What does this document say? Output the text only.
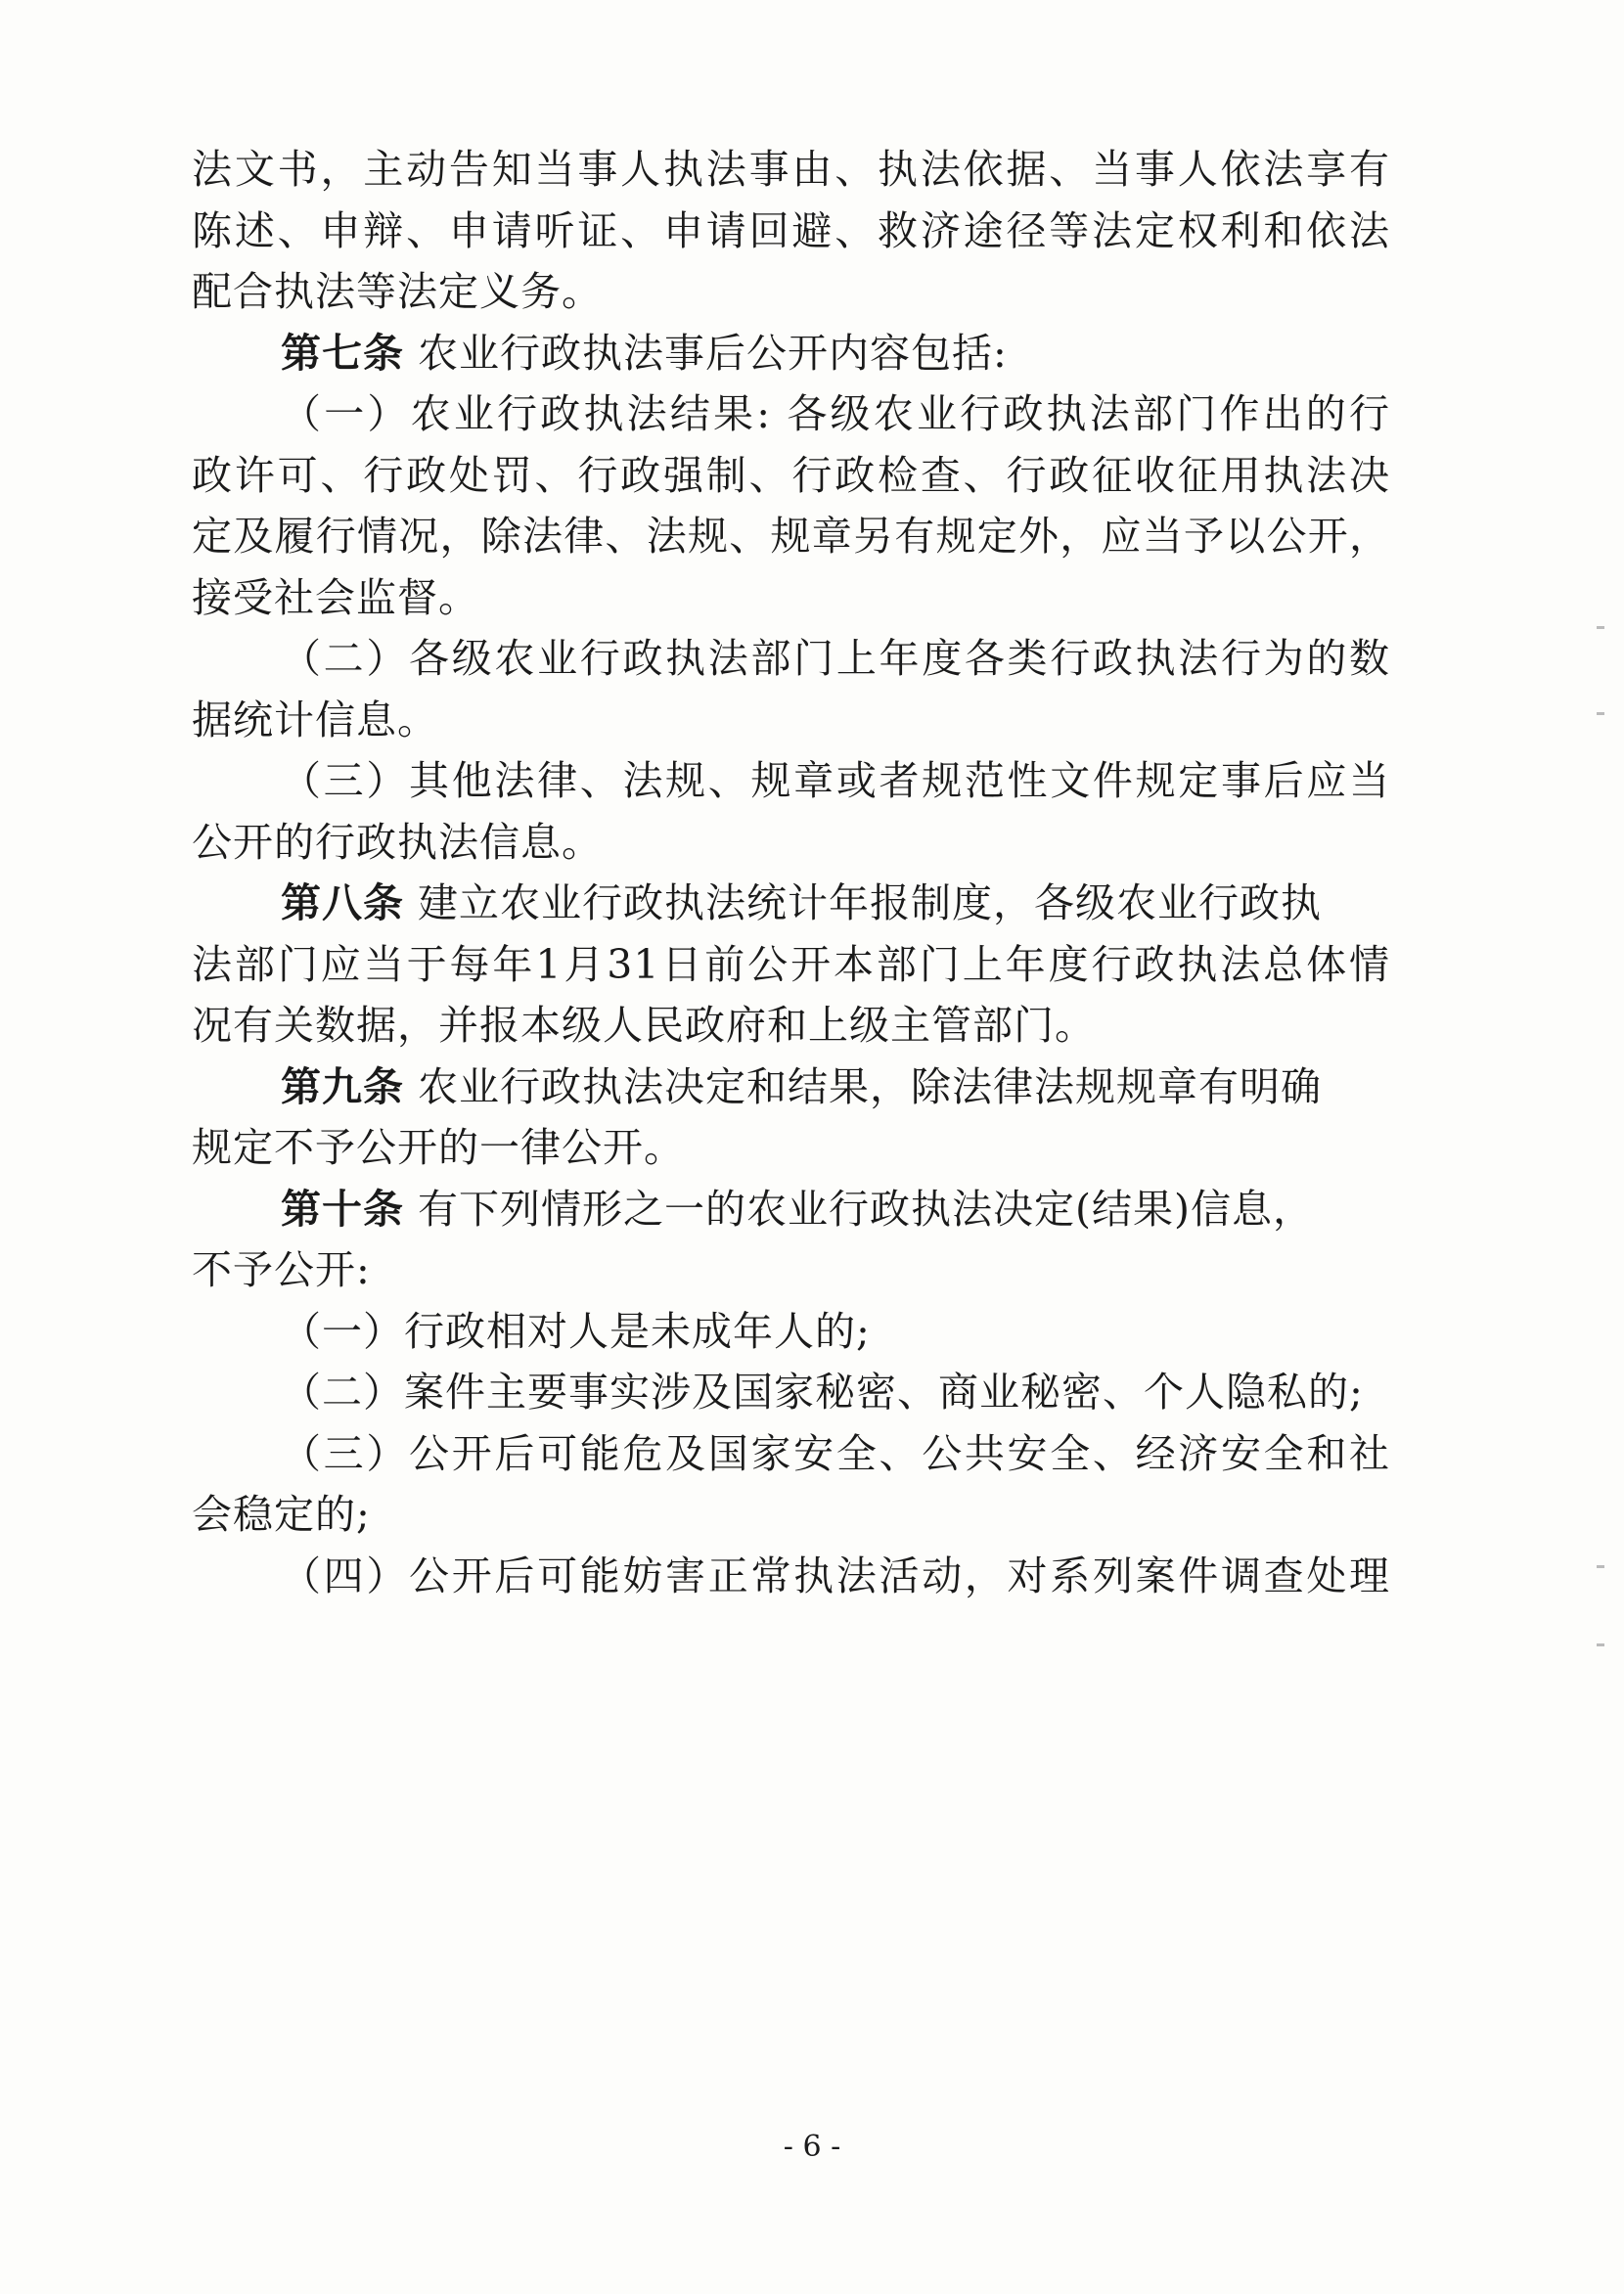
法文书，主动告知当事人执法事由、执法依据、当事人依法享有
陈述、申辩、申请听证、申请回避、救济途径等法定权利和依法
配合执法等法定义务。
第七条 农业行政执法事后公开内容包括:
（一）农业行政执法结果: 各级农业行政执法部门作出的行
政许可、行政处罚、行政强制、行政检查、行政征收征用执法决
定及履行情况，除法律、法规、规章另有规定外，应当予以公开，
接受社会监督。
（二）各级农业行政执法部门上年度各类行政执法行为的数
据统计信息。
（三）其他法律、法规、规章或者规范性文件规定事后应当
公开的行政执法信息。
第八条 建立农业行政执法统计年报制度，各级农业行政执
法部门应当于每年1月31日前公开本部门上年度行政执法总体情
况有关数据，并报本级人民政府和上级主管部门。
第九条 农业行政执法决定和结果，除法律法规规章有明确
规定不予公开的一律公开。
第十条 有下列情形之一的农业行政执法决定(结果)信息，
不予公开:
（一）行政相对人是未成年人的;
（二）案件主要事实涉及国家秘密、商业秘密、个人隐私的;
（三）公开后可能危及国家安全、公共安全、经济安全和社
会稳定的;
（四）公开后可能妨害正常执法活动，对系列案件调查处理
- 6 -
